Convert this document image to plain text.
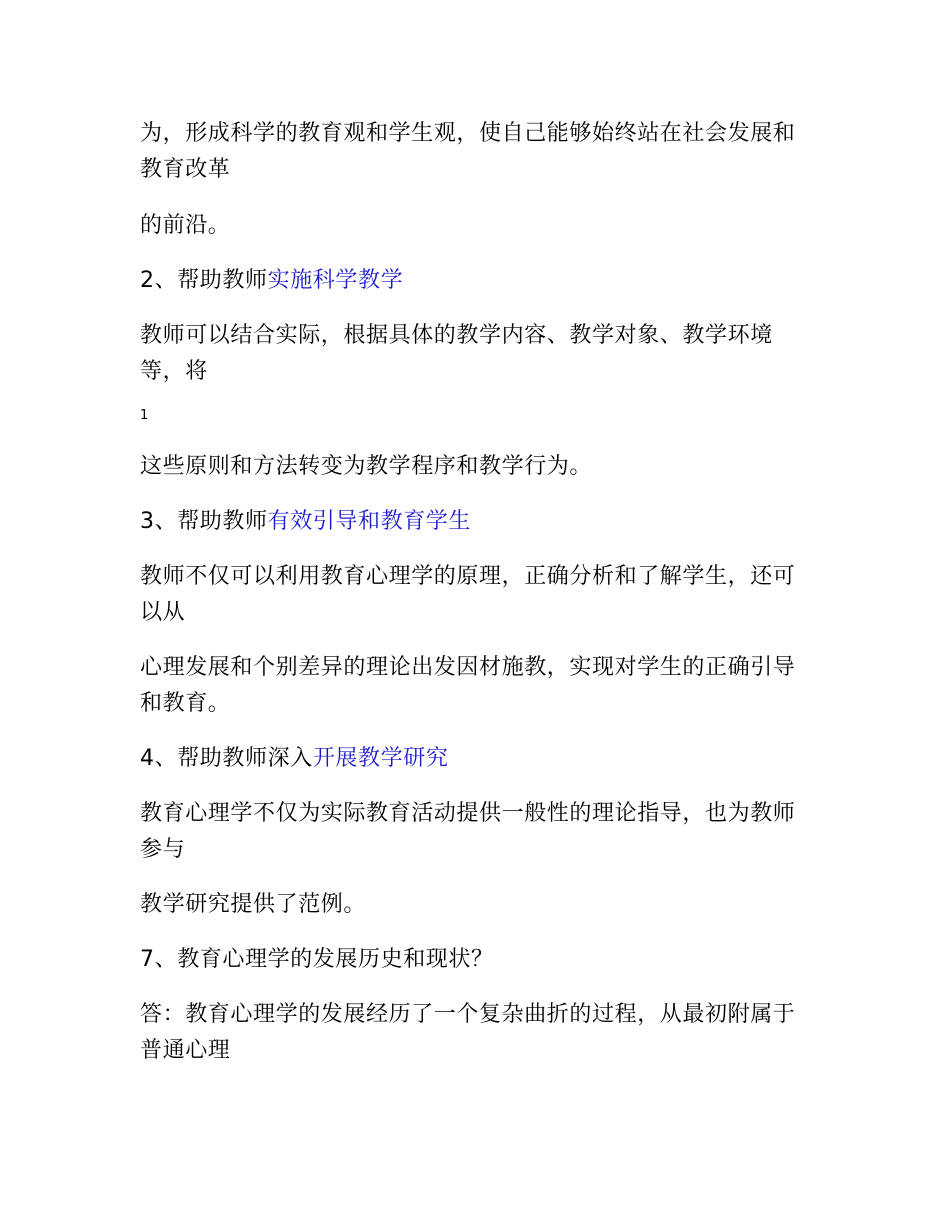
为，形成科学的教育观和学生观，使自己能够始终站在社会发展和教育改革

的前沿。

2、帮助教师实施科学教学

教师可以结合实际，根据具体的教学内容、教学对象、教学环境等，将

1

这些原则和方法转变为教学程序和教学行为。

3、帮助教师有效引导和教育学生

教师不仅可以利用教育心理学的原理，正确分析和了解学生，还可以从

心理发展和个别差异的理论出发因材施教，实现对学生的正确引导和教育。

4、帮助教师深入开展教学研究

教育心理学不仅为实际教育活动提供一般性的理论指导，也为教师参与

教学研究提供了范例。

7、教育心理学的发展历史和现状？

答：教育心理学的发展经历了一个复杂曲折的过程，从最初附属于普通心理
